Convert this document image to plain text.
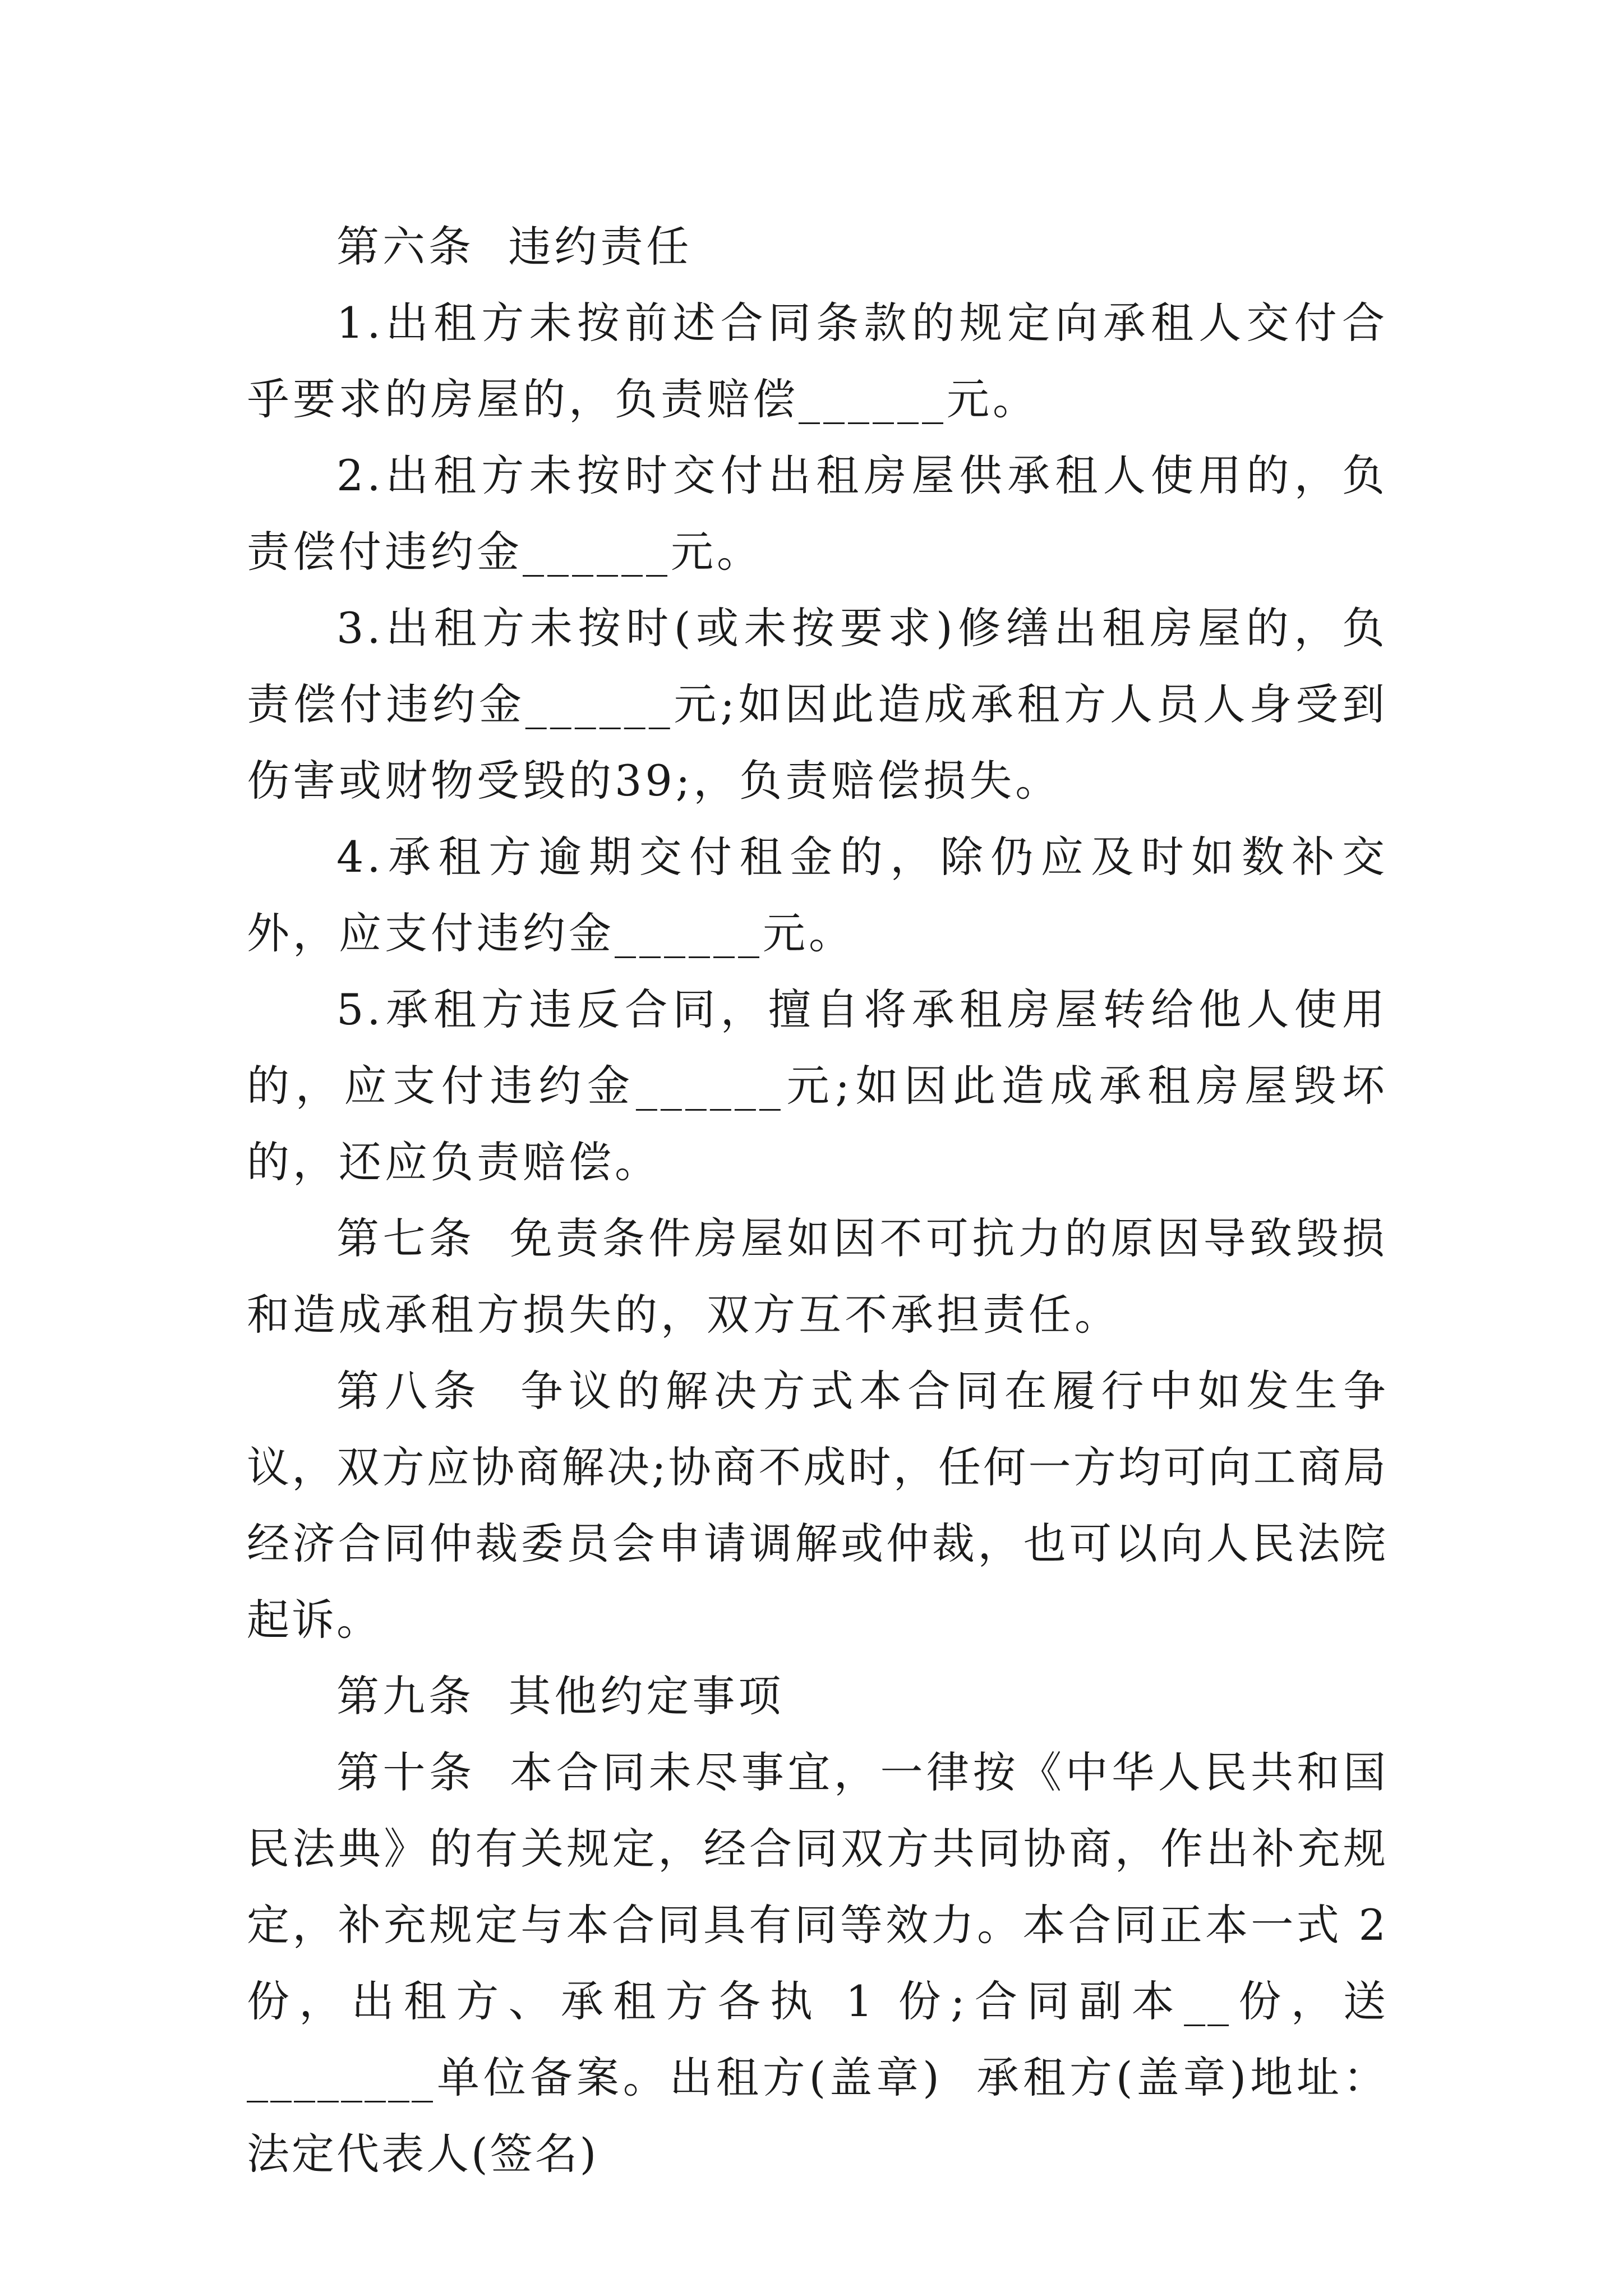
第六条  违约责任

1.出租方未按前述合同条款的规定向承租人交付合乎要求的房屋的，负责赔偿______元。

2.出租方未按时交付出租房屋供承租人使用的，负责偿付违约金______元。

3.出租方未按时(或未按要求)修缮出租房屋的，负责偿付违约金______元;如因此造成承租方人员人身受到伤害或财物受毁的39;，负责赔偿损失。

4.承租方逾期交付租金的，除仍应及时如数补交外，应支付违约金______元。

5.承租方违反合同，擅自将承租房屋转给他人使用的，应支付违约金______元;如因此造成承租房屋毁坏的，还应负责赔偿。

第七条  免责条件房屋如因不可抗力的原因导致毁损和造成承租方损失的，双方互不承担责任。

第八条  争议的解决方式本合同在履行中如发生争议，双方应协商解决;协商不成时，任何一方均可向工商局经济合同仲裁委员会申请调解或仲裁，也可以向人民法院起诉。

第九条  其他约定事项

第十条  本合同未尽事宜，一律按《中华人民共和国民法典》的有关规定，经合同双方共同协商，作出补充规定，补充规定与本合同具有同等效力。本合同正本一式 2 份，出租方、承租方各执 1 份;合同副本__份，送________单位备案。出租方(盖章)  承租方(盖章)地址：法定代表人(签名)
